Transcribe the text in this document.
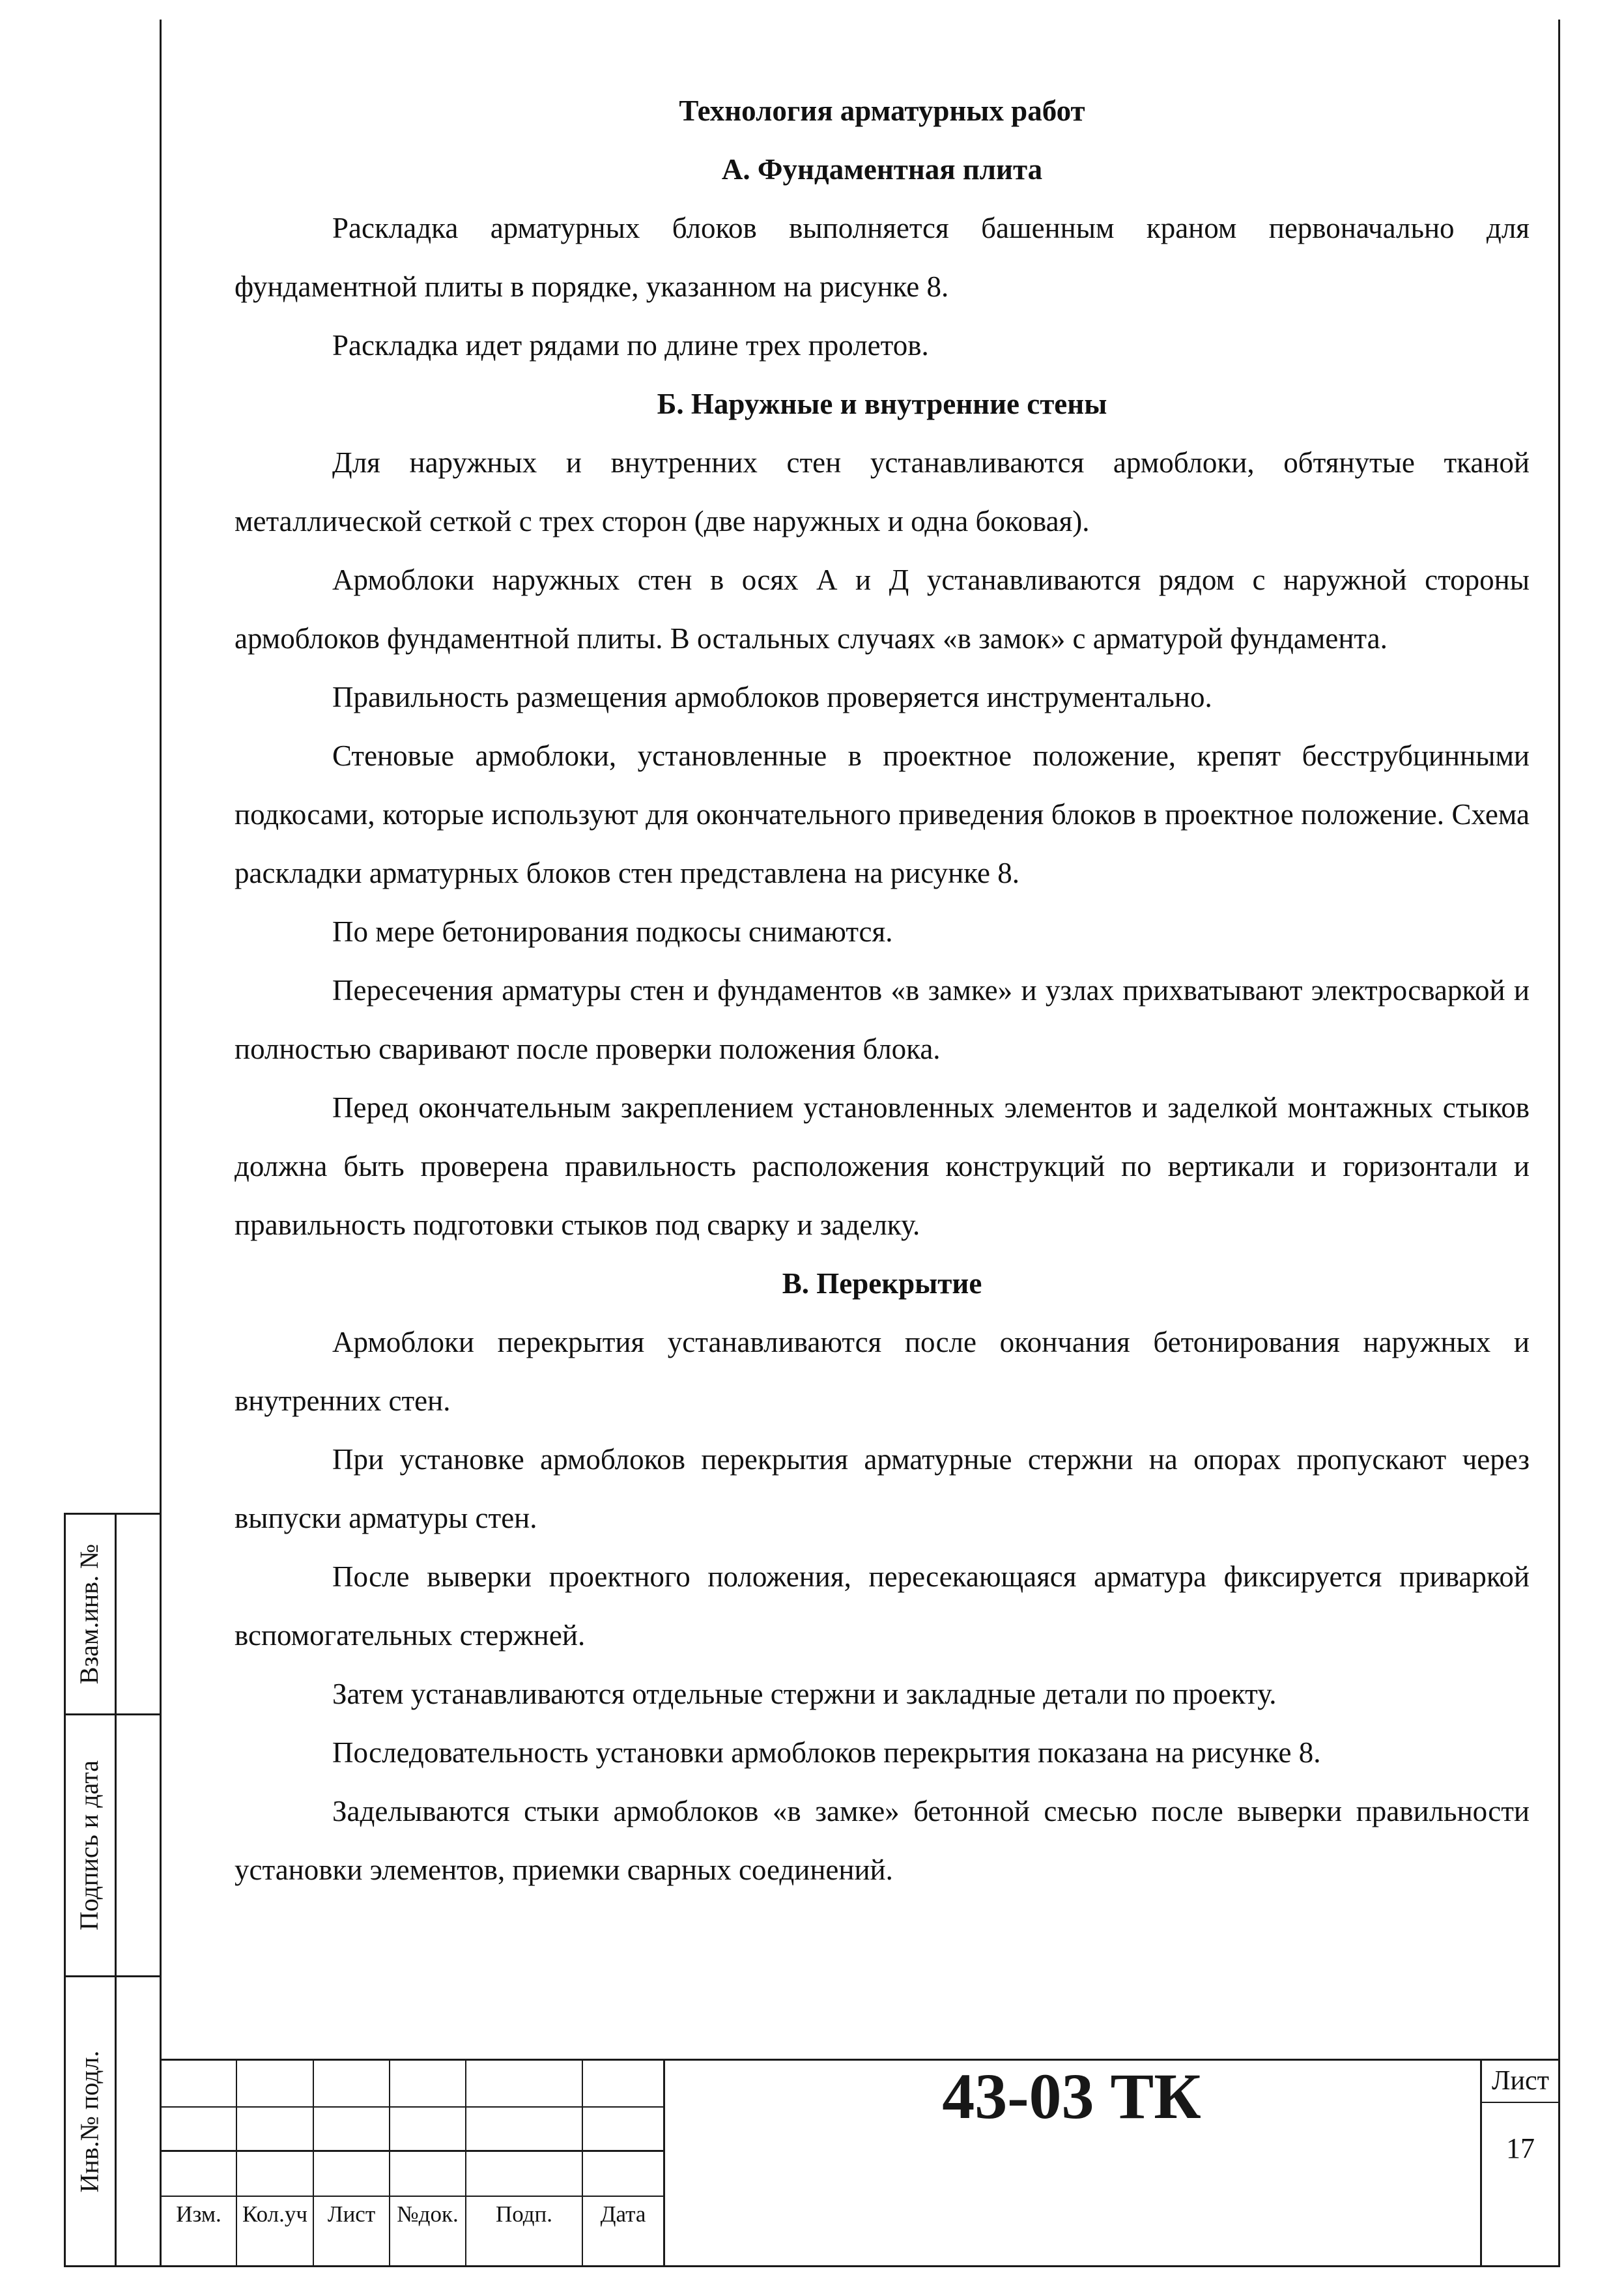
Технология арматурных работ
А. Фундаментная плита

Раскладка арматурных блоков выполняется башенным краном первоначально для фундаментной плиты в порядке, указанном на рисунке 8.

Раскладка идет рядами по длине трех пролетов.

Б. Наружные и внутренние стены

Для наружных и внутренних стен устанавливаются армоблоки, обтянутые тканой металлической сеткой с трех сторон (две наружных и одна боковая).

Армоблоки наружных стен в осях А и Д устанавливаются рядом с наружной стороны армоблоков фундаментной плиты. В остальных случаях «в замок» с арматурой фундамента.

Правильность размещения армоблоков проверяется инструментально.

Стеновые армоблоки, установленные в проектное положение, крепят бесструбцинными подкосами, которые используют для окончательного приведения блоков в проектное положение. Схема раскладки арматурных блоков стен представлена на рисунке 8.

По мере бетонирования подкосы снимаются.

Пересечения арматуры стен и фундаментов «в замке» и узлах прихватывают электросваркой и полностью сваривают после проверки положения блока.

Перед окончательным закреплением установленных элементов и заделкой монтажных стыков должна быть проверена правильность расположения конструкций по вертикали и горизонтали и правильность подготовки стыков под сварку и заделку.

В. Перекрытие

Армоблоки перекрытия устанавливаются после окончания бетонирования наружных и внутренних стен.

При установке армоблоков перекрытия арматурные стержни на опорах пропускают через выпуски арматуры стен.

После выверки проектного положения, пересекающаяся арматура фиксируется приваркой вспомогательных стержней.

Затем устанавливаются отдельные стержни и закладные детали по проекту.

Последовательность установки армоблоков перекрытия показана на рисунке 8.

Заделываются стыки армоблоков «в замке» бетонной смесью после выверки правильности установки элементов, приемки сварных соединений.

Взам.инв. №
Подпись и дата
Инв.№ подл.
Изм. Кол.уч Лист №док.	Подп.	Дата
43-03 ТК	Лист
17
